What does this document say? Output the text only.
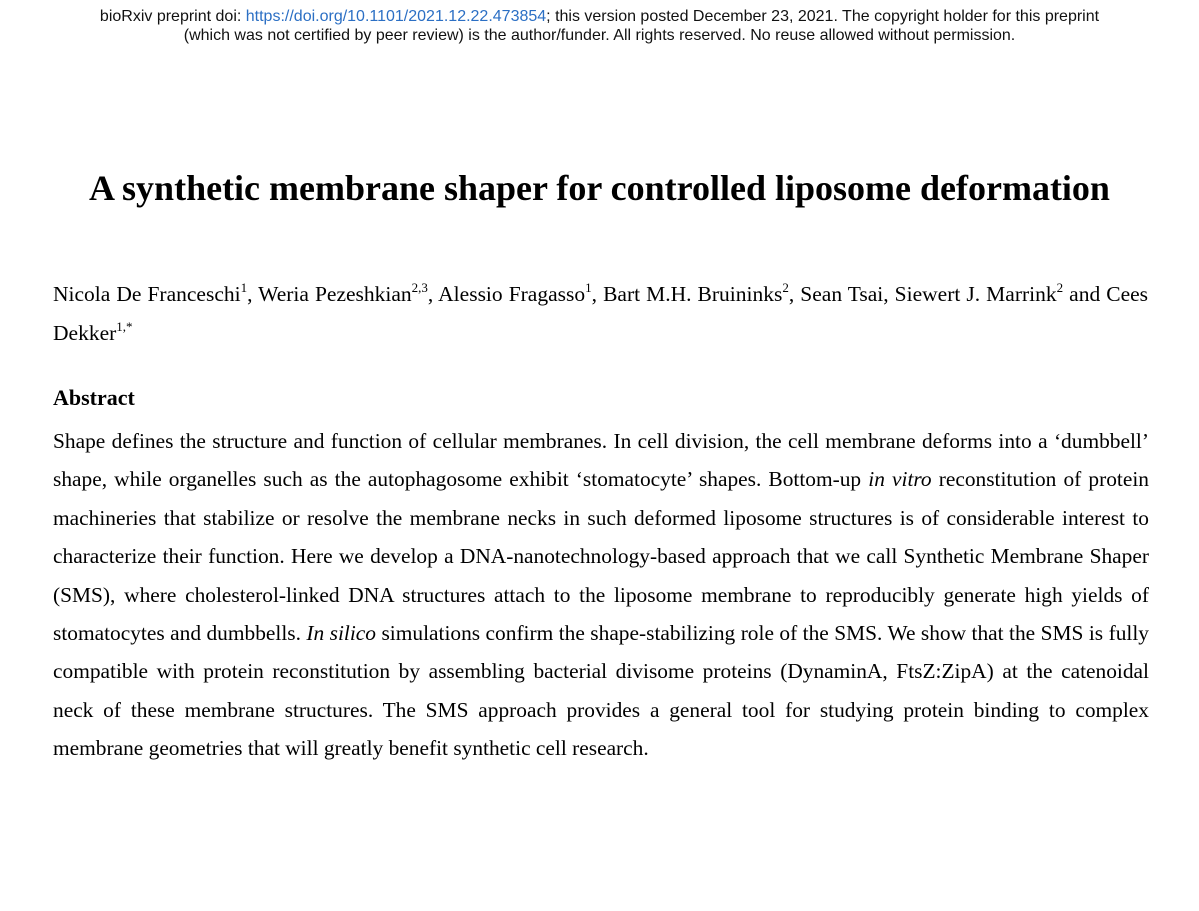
bioRxiv preprint doi: https://doi.org/10.1101/2021.12.22.473854; this version posted December 23, 2021. The copyright holder for this preprint
(which was not certified by peer review) is the author/funder. All rights reserved. No reuse allowed without permission.
A synthetic membrane shaper for controlled liposome deformation

Nicola De Franceschi$^1$, Weria Pezeshkian$^{2,3}$, Alessio Fragasso$^1$, Bart M.H. Bruininks$^2$, Sean Tsai, Siewert J. Marrink$^2$ and Cees Dekker$^{1,*}$

Abstract

Shape defines the structure and function of cellular membranes. In cell division, the cell membrane deforms into a ‘dumbbell’ shape, while organelles such as the autophagosome exhibit ‘stomatocyte’ shapes. Bottom-up in vitro reconstitution of protein machineries that stabilize or resolve the membrane necks in such deformed liposome structures is of considerable interest to characterize their function. Here we develop a DNA-nanotechnology-based approach that we call Synthetic Membrane Shaper (SMS), where cholesterol-linked DNA structures attach to the liposome membrane to reproducibly generate high yields of stomatocytes and dumbbells. In silico simulations confirm the shape-stabilizing role of the SMS. We show that the SMS is fully compatible with protein reconstitution by assembling bacterial divisome proteins (DynaminA, FtsZ:ZipA) at the catenoidal neck of these membrane structures. The SMS approach provides a general tool for studying protein binding to complex membrane geometries that will greatly benefit synthetic cell research.
